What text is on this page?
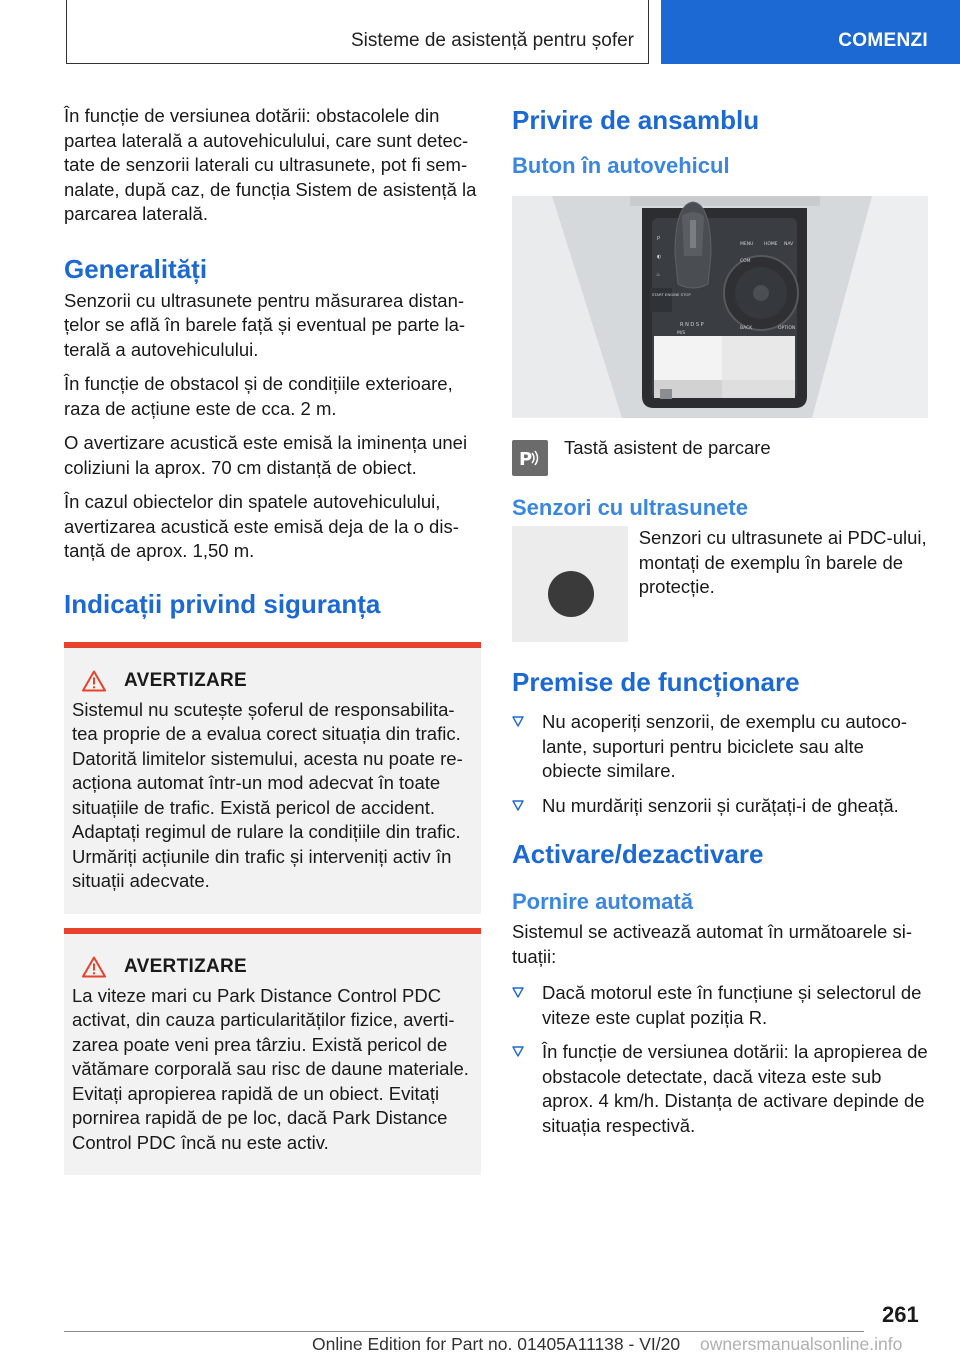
Sisteme de asistență pentru șofer	COMENZI

În funcție de versiunea dotării: obstacolele din partea laterală a autovehiculului, care sunt detectate de senzorii laterali cu ultrasunete, pot fi semnalate, după caz, de funcția Sistem de asistență la parcarea laterală.

Generalități

Senzorii cu ultrasunete pentru măsurarea distanțelor se află în barele față și eventual pe parte laterală a autovehiculului.

În funcție de obstacol și de condițiile exterioare, raza de acțiune este de cca. 2 m.

O avertizare acustică este emisă la iminența unei coliziuni la aprox. 70 cm distanță de obiect.

În cazul obiectelor din spatele autovehiculului, avertizarea acustică este emisă deja de la o distanță de aprox. 1,50 m.

Indicații privind siguranța
AVERTIZARE

Sistemul nu scutește șoferul de responsabilitatea proprie de a evalua corect situația din trafic. Datorită limitelor sistemului, acesta nu poate reacționa automat într-un mod adecvat în toate situațiile de trafic. Există pericol de accident. Adaptați regimul de rulare la condițiile din trafic. Urmăriți acțiunile din trafic și interveniți activ în situații adecvate.

AVERTIZARE

La viteze mari cu Park Distance Control PDC activat, din cauza particularităților fizice, avertizarea poate veni prea târziu. Există pericol de vătămare corporală sau risc de daune materiale. Evitați apropierea rapidă de un obiect. Evitați pornirea rapidă de pe loc, dacă Park Distance Control PDC încă nu este activ.

Privire de ansamblu
Buton în autovehicul
P
◐
♨
MENU HOME NAV
COM
BACK	OPTION
START ENGINE STOP
R N D S P
M/S
P
Tastă asistent de parcare
Senzori cu ultrasunete

Senzori cu ultrasunete ai PDC-ului, montați de exemplu în barele de protecție.

Premise de funcționare
Nu acoperiți senzorii, de exemplu cu autocolante, suporturi pentru biciclete sau alte obiecte similare.
Nu murdăriți senzorii și curățați-i de gheață.
Activare/dezactivare
Pornire automată

Sistemul se activează automat în următoarele situații:

Dacă motorul este în funcțiune și selectorul de viteze este cuplat poziția R.
În funcție de versiunea dotării: la apropierea de obstacole detectate, dacă viteza este sub aprox. 4 km/h. Distanța de activare depinde de situația respectivă.
261
Online Edition for Part no. 01405A11138 - VI/20 ownersmanualsonline.info
